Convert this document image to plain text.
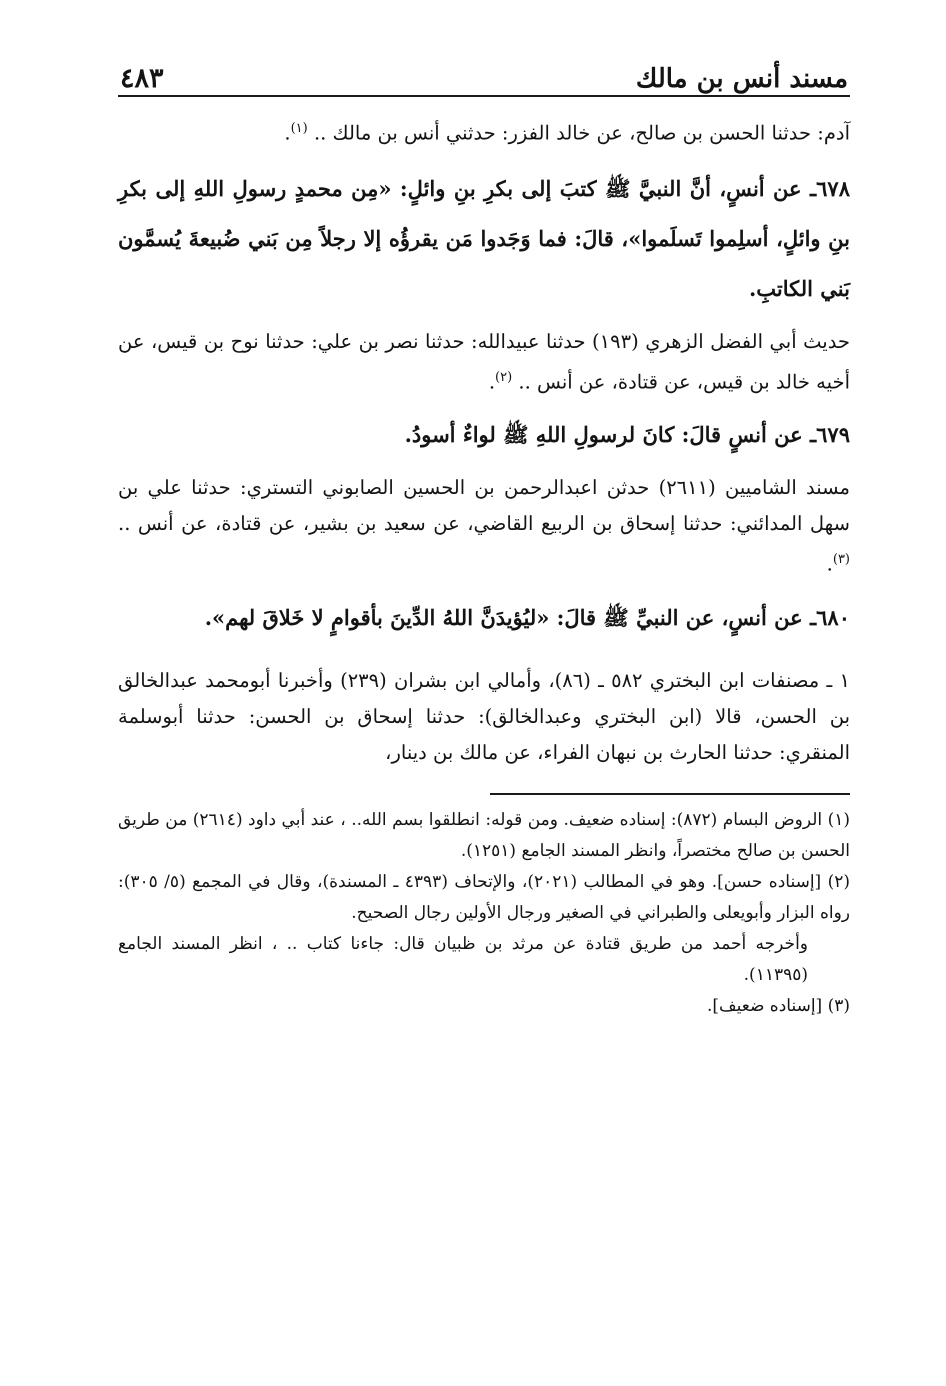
مسند أنس بن مالك
٤٨٣

آدم: حدثنا الحسن بن صالح، عن خالد الفزر: حدثني أنس بن مالك .. $^{(١)}$.

٦٧٨ـ عن أنسٍ، أنَّ النبيَّ ﷺ كتبَ إلى بكرِ بنِ وائلٍ: «مِن محمدٍ رسولِ اللهِ إلى بكرِ بنِ وائلٍ، أسلِموا تَسلَموا»، قالَ: فما وَجَدوا مَن يقرؤُه إلا رجلاً مِن بَني ضُبيعةَ يُسمَّون بَني الكاتبِ.

حديث أبي الفضل الزهري (١٩٣) حدثنا عبيدالله: حدثنا نصر بن علي: حدثنا نوح بن قيس، عن أخيه خالد بن قيس، عن قتادة، عن أنس .. $^{(٢)}$.

٦٧٩ـ عن أنسٍ قالَ: كانَ لرسولِ اللهِ ﷺ لواءٌ أسودُ.

مسند الشاميين (٢٦١١) حدثن اعبدالرحمن بن الحسين الصابوني التستري: حدثنا علي بن سهل المدائني: حدثنا إسحاق بن الربيع القاضي، عن سعيد بن بشير، عن قتادة، عن أنس .. $^{(٣)}$.

٦٨٠ـ عن أنسٍ، عن النبيِّ ﷺ قالَ: «ليُؤيدَنَّ اللهُ الدِّينَ بأقوامٍ لا خَلاقَ لهم».

١ ـ مصنفات ابن البختري ٥٨٢ ـ (٨٦)، وأمالي ابن بشران (٢٣٩) وأخبرنا أبومحمد عبدالخالق بن الحسن، قالا (ابن البختري وعبدالخالق): حدثنا إسحاق بن الحسن: حدثنا أبوسلمة المنقري: حدثنا الحارث بن نبهان الفراء، عن مالك بن دينار،

(١) الروض البسام (٨٧٢): إسناده ضعيف. ومن قوله: انطلقوا بسم الله.. ، عند أبي داود (٢٦١٤) من طريق الحسن بن صالح مختصراً، وانظر المسند الجامع (١٢٥١).

(٢) [إسناده حسن]. وهو في المطالب (٢٠٢١)، والإتحاف (٤٣٩٣ ـ المسندة)، وقال في المجمع (٥/ ٣٠٥): رواه البزار وأبويعلى والطبراني في الصغير ورجال الأولين رجال الصحيح.

وأخرجه أحمد من طريق قتادة عن مرثد بن ظبيان قال: جاءنا كتاب .. ، انظر المسند الجامع (١١٣٩٥).

(٣) [إسناده ضعيف].
